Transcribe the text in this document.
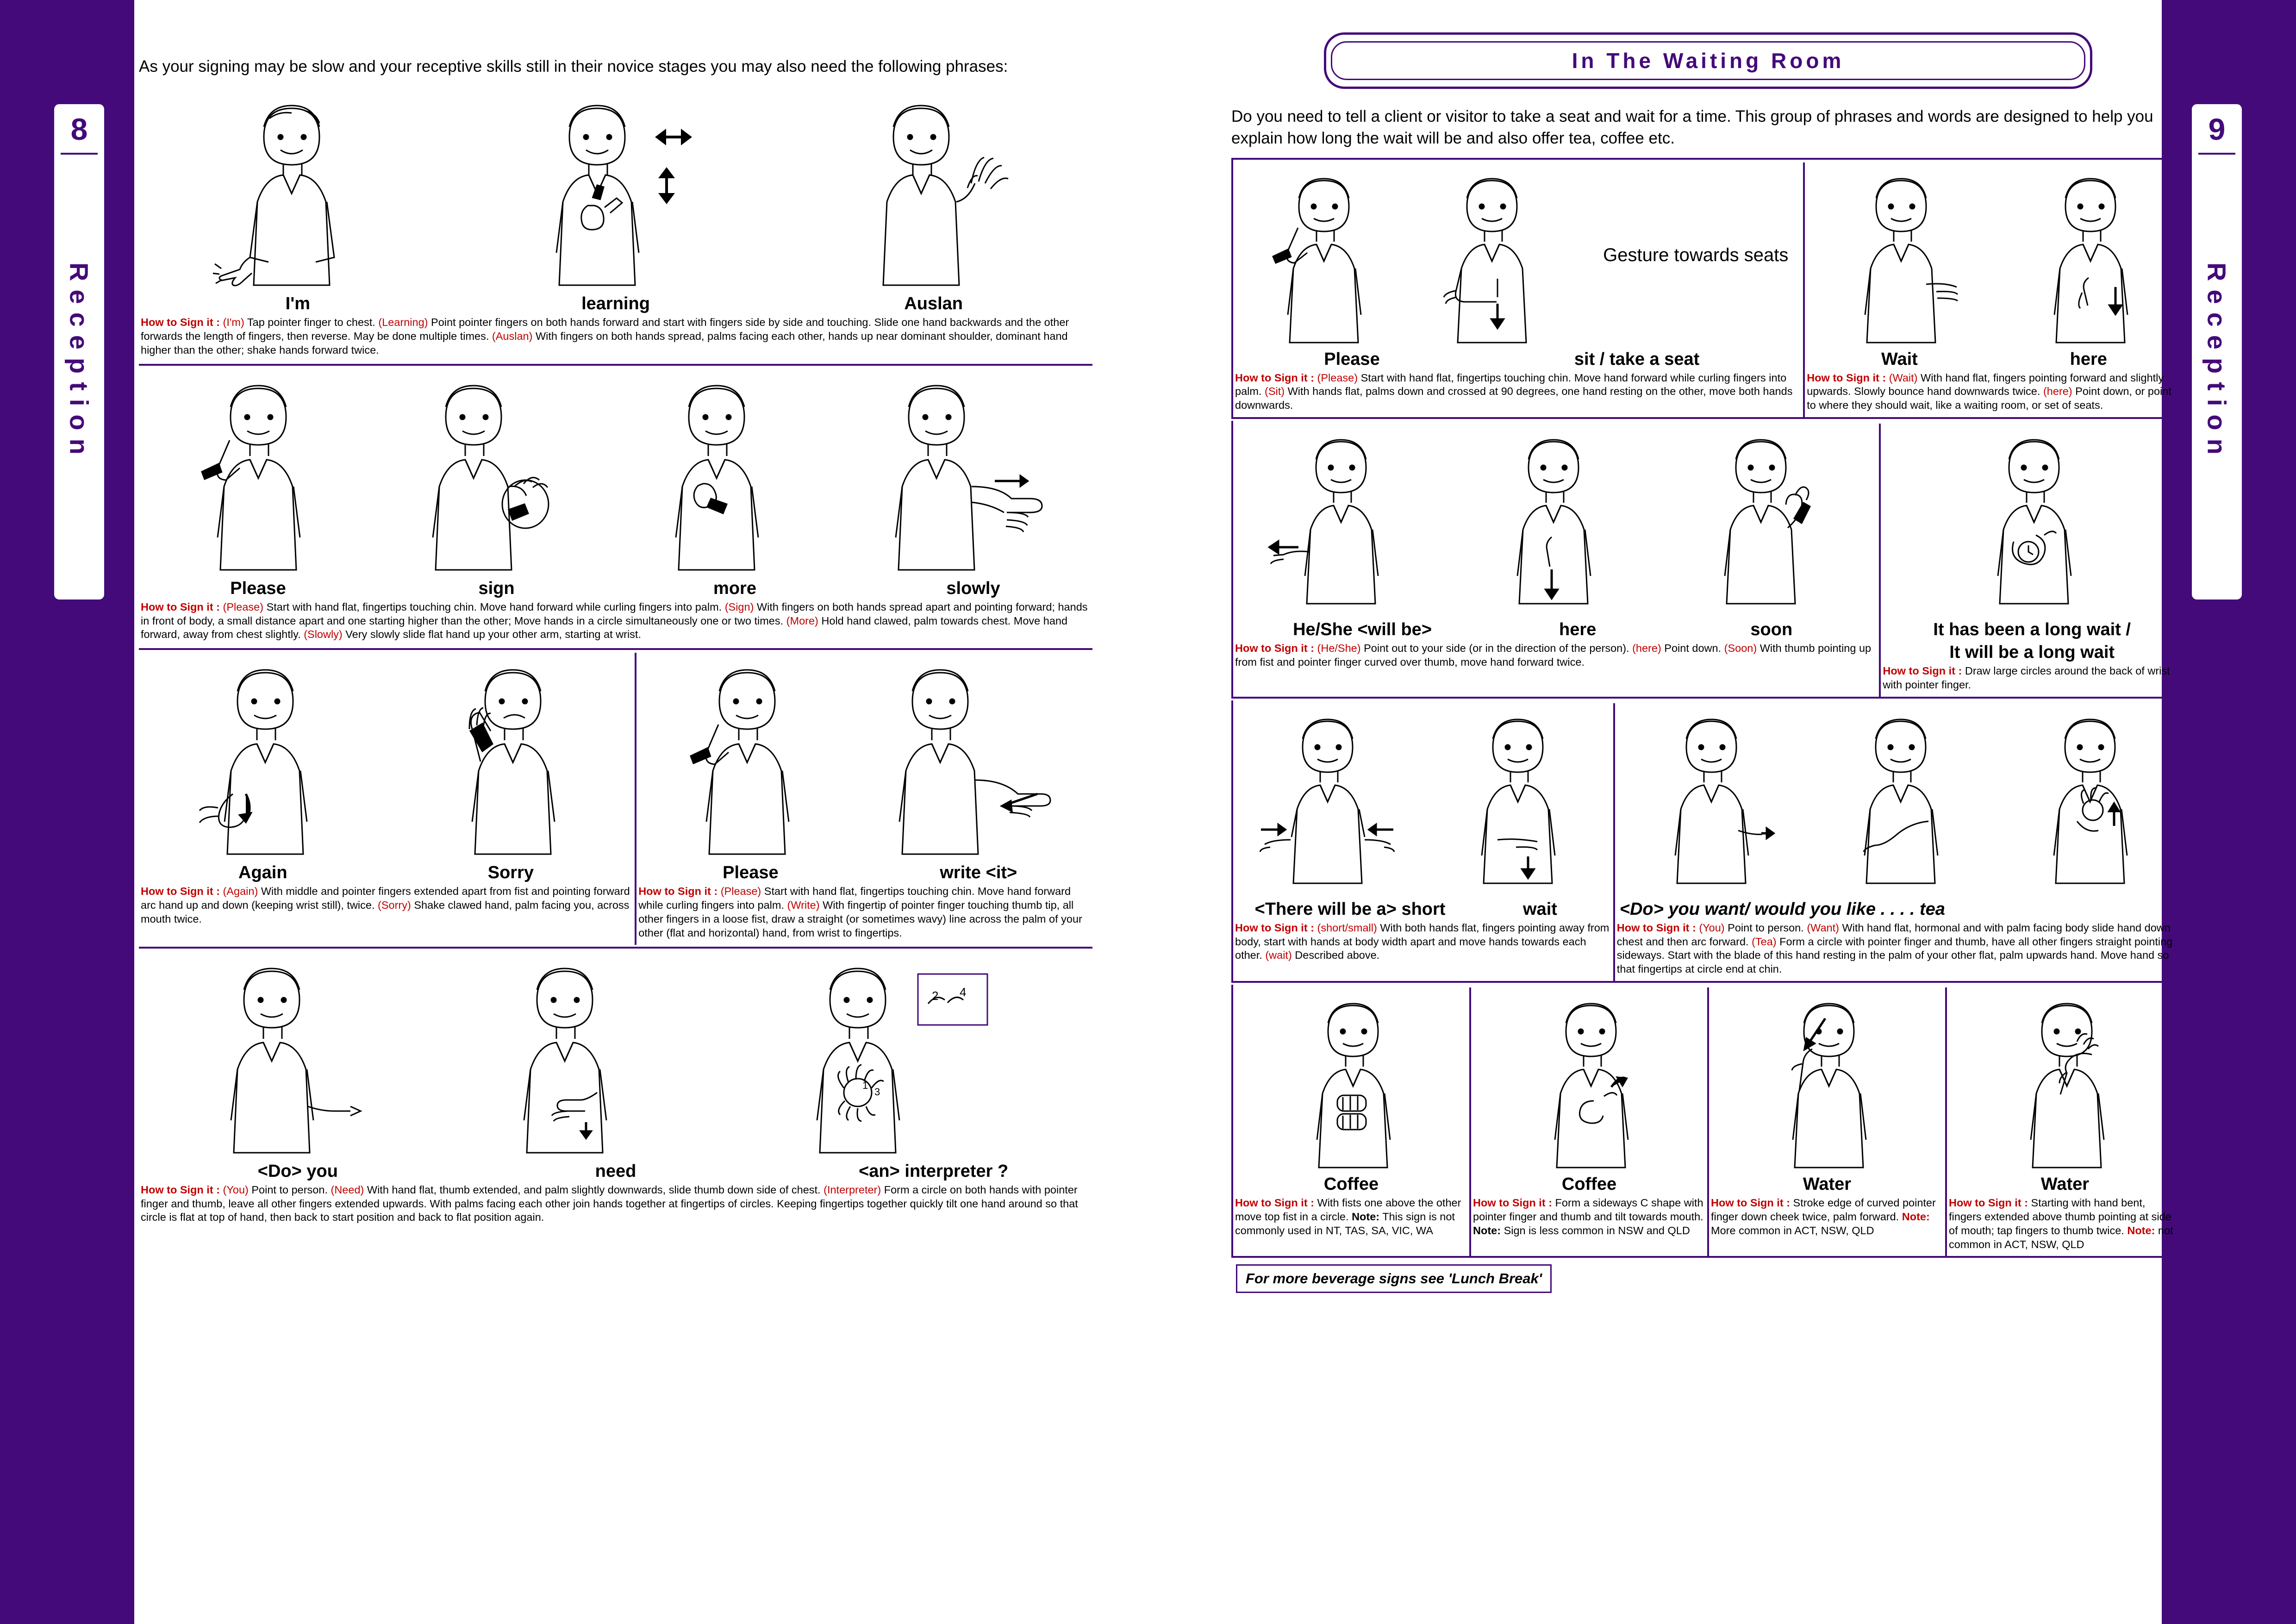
8
Reception
9
Reception
As your signing may be slow and your receptive skills still in their novice stages you may also need the following phrases:
I'm	learning	Auslan
How to Sign it : (I'm) Tap pointer finger to chest. (Learning) Point pointer fingers on both hands forward and start with fingers side by side and touching. Slide one hand backwards and the other forwards the length of fingers, then reverse. May be done multiple times. (Auslan) With fingers on both hands spread, palms facing each other, hands up near dominant shoulder, dominant hand higher than the other; shake hands forward twice.
Please	sign	more	slowly
How to Sign it : (Please) Start with hand flat, fingertips touching chin. Move hand forward while curling fingers into palm. (Sign) With fingers on both hands spread apart and pointing forward; hands in front of body, a small distance apart and one starting higher than the other; Move hands in a circle simultaneously one or two times. (More) Hold hand clawed, palm towards chest. Move hand forward, away from chest slightly. (Slowly) Very slowly slide flat hand up your other arm, starting at wrist.
Again	Sorry
How to Sign it : (Again) With middle and pointer fingers extended apart from fist and pointing forward arc hand up and down (keeping wrist still), twice. (Sorry) Shake clawed hand, palm facing you, across mouth twice.
Please	write <it>
How to Sign it : (Please) Start with hand flat, fingertips touching chin. Move hand forward while curling fingers into palm. (Write) With fingertip of pointer finger touching thumb tip, all other fingers in a loose fist, draw a straight (or sometimes wavy) line across the palm of your other (flat and horizontal) hand, from wrist to fingertips.
2 4
1
3
<Do> you	need	<an> interpreter ?
How to Sign it : (You) Point to person. (Need) With hand flat, thumb extended, and palm slightly downwards, slide thumb down side of chest. (Interpreter) Form a circle on both hands with pointer finger and thumb, leave all other fingers extended upwards. With palms facing each other join hands together at fingertips of circles. Keeping fingertips together quickly tilt one hand around so that circle is flat at top of hand, then back to start position and back to flat position again.
In The Waiting Room
Do you need to tell a client or visitor to take a seat and wait for a time. This group of phrases and words are designed to help you explain how long the wait will be and also offer tea, coffee etc.
Gesture towards seats
Please	sit / take a seat
How to Sign it : (Please) Start with hand flat, fingertips touching chin. Move hand forward while curling fingers into palm. (Sit) With hands flat, palms down and crossed at 90 degrees, one hand resting on the other, move both hands downwards.
Wait	here
How to Sign it : (Wait) With hand flat, fingers pointing forward and slightly upwards. Slowly bounce hand downwards twice. (here) Point down, or point to where they should wait, like a waiting room, or set of seats.
He/She <will be>	here	soon
How to Sign it : (He/She) Point out to your side (or in the direction of the person). (here) Point down. (Soon) With thumb pointing up from fist and pointer finger curved over thumb, move hand forward twice.
It has been a long wait /
It will be a long wait
How to Sign it : Draw large circles around the back of wrist with pointer finger.
<There will be a> short	wait
How to Sign it : (short/small) With both hands flat, fingers pointing away from body, start with hands at body width apart and move hands towards each other. (wait) Described above.
<Do> you want/ would you like . . . . tea
How to Sign it : (You) Point to person. (Want) With hand flat, hormonal and with palm facing body slide hand down chest and then arc forward. (Tea) Form a circle with pointer finger and thumb, have all other fingers straight pointing sideways. Start with the blade of this hand resting in the palm of your other flat, palm upwards hand. Move hand so that fingertips at circle end at chin.
Coffee
How to Sign it : With fists one above the other move top fist in a circle. Note: This sign is not commonly used in NT, TAS, SA, VIC, WA
Coffee
How to Sign it : Form a sideways C shape with pointer finger and thumb and tilt towards mouth. Note: Sign is less common in NSW and QLD
Water
How to Sign it : Stroke edge of curved pointer finger down cheek twice, palm forward. Note: More common in ACT, NSW, QLD
Water
How to Sign it : Starting with hand bent, fingers extended above thumb pointing at side of mouth; tap fingers to thumb twice. Note: not common in ACT, NSW, QLD
For more beverage signs see 'Lunch Break'
